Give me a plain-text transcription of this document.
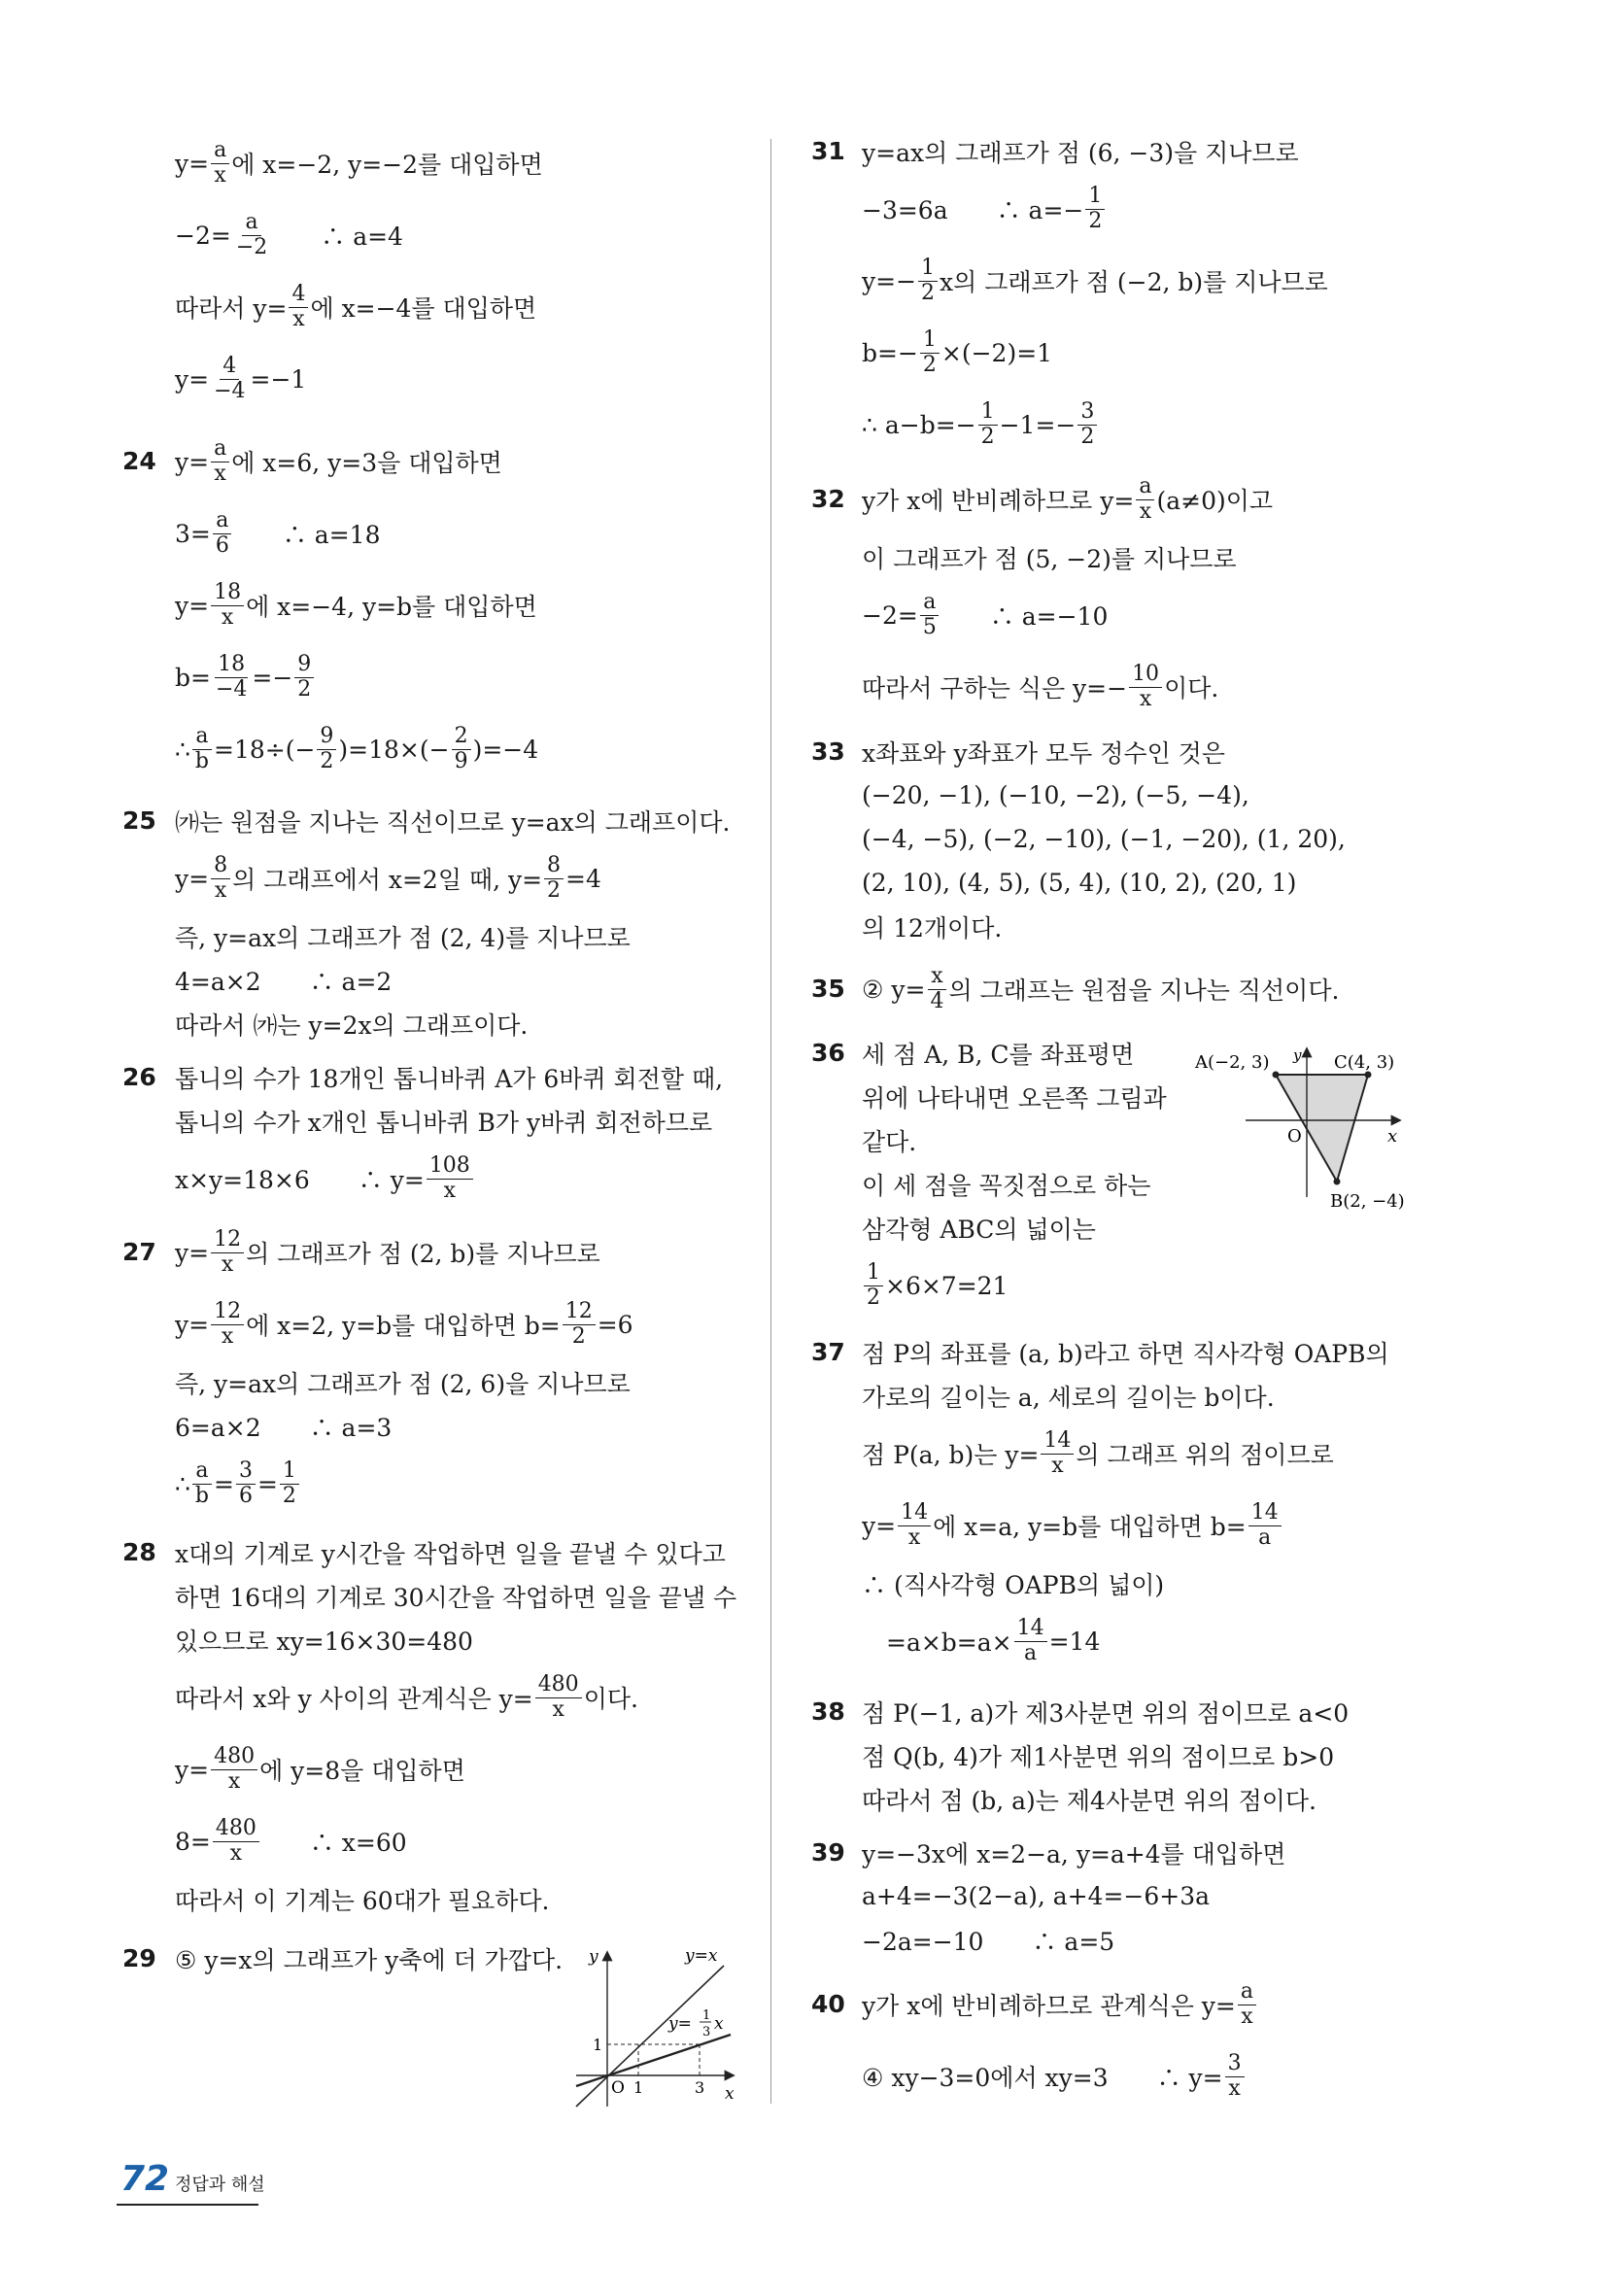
$y= \frac{a}{x}$ 에 x=−2, y=−2를 대입하면
$-2= \frac{a}{-2}$ 　　∴ a=4
따라서 $y= \frac{4}{x}$ 에 x=−4를 대입하면
$y= \frac{4}{-4} =-1$
24 $y= \frac{a}{x}$ 에 x=6, y=3을 대입하면
$3= \frac{a}{6}$ 　　∴ a=18
$y= \frac{18}{x}$ 에 x=−4, y=b를 대입하면
$b= \frac{18}{-4} =- \frac{9}{2}$
∴ $\frac{a}{b} =18\div(- \frac{9}{2} )=18\times(- \frac{2}{9} )=-4$
25 ㈎는 원점을 지나는 직선이므로 y=ax의 그래프이다.
$y= \frac{8}{x}$ 의 그래프에서 x=2일 때, $y= \frac{8}{2} =4$
즉, y=ax의 그래프가 점 (2, 4)를 지나므로
4=a×2　　∴ a=2
따라서 ㈎는 y=2x의 그래프이다.
26 톱니의 수가 18개인 톱니바퀴 A가 6바퀴 회전할 때,
톱니의 수가 x개인 톱니바퀴 B가 y바퀴 회전하므로
x×y=18×6　　∴ $y= \frac{108}{x}$
27 $y= \frac{12}{x}$ 의 그래프가 점 (2, b)를 지나므로
$y= \frac{12}{x}$ 에 x=2, y=b를 대입하면 $b= \frac{12}{2} =6$
즉, y=ax의 그래프가 점 (2, 6)을 지나므로
6=a×2　　∴ a=3
∴ $\frac{a}{b} = \frac{3}{6} = \frac{1}{2}$
28 x대의 기계로 y시간을 작업하면 일을 끝낼 수 있다고
하면 16대의 기계로 30시간을 작업하면 일을 끝낼 수
있으므로 xy=16×30=480
따라서 x와 y 사이의 관계식은 $y= \frac{480}{x}$ 이다.
$y= \frac{480}{x}$ 에 y=8을 대입하면
$8= \frac{480}{x}$ 　　∴ x=60
따라서 이 기계는 60대가 필요하다.
29 ⑤ y=x의 그래프가 y축에 더 가깝다.
31 y=ax의 그래프가 점 (6, −3)을 지나므로
−3=6a　　∴ $a=- \frac{1}{2}$
$y=- \frac{1}{2}$ x의 그래프가 점 (−2, b)를 지나므로
$b=- \frac{1}{2} \times(-2)=1$
∴ $a-b=- \frac{1}{2} -1=- \frac{3}{2}$
32 y가 x에 반비례하므로 $y= \frac{a}{x} (a\ne 0)$이고
이 그래프가 점 (5, −2)를 지나므로
$-2= \frac{a}{5}$ 　　∴ a=−10
따라서 구하는 식은 $y=- \frac{10}{x}$ 이다.
33 x좌표와 y좌표가 모두 정수인 것은
(−20, −1), (−10, −2), (−5, −4),
(−4, −5), (−2, −10), (−1, −20), (1, 20),
(2, 10), (4, 5), (5, 4), (10, 2), (20, 1)
의 12개이다.
35 ② $y= \frac{x}{4}$ 의 그래프는 원점을 지나는 직선이다.
36 세 점 A, B, C를 좌표평면
위에 나타내면 오른쪽 그림과
같다.
이 세 점을 꼭짓점으로 하는
삼각형 ABC의 넓이는
$\frac{1}{2} \times 6\times 7=21$
37 점 P의 좌표를 (a, b)라고 하면 직사각형 OAPB의
가로의 길이는 a, 세로의 길이는 b이다.
점 P(a, b)는 $y= \frac{14}{x}$ 의 그래프 위의 점이므로
$y= \frac{14}{x}$ 에 x=a, y=b를 대입하면 $b= \frac{14}{a}$
∴ (직사각형 OAPB의 넓이)
　$=a\times b=a\times \frac{14}{a} =14$
38 점 P(−1, a)가 제3사분면 위의 점이므로 a<0
점 Q(b, 4)가 제1사분면 위의 점이므로 b>0
따라서 점 (b, a)는 제4사분면 위의 점이다.
39 y=−3x에 x=2−a, y=a+4를 대입하면
a+4=−3(2−a), a+4=−6+3a
−2a=−10　　∴ a=5
40 y가 x에 반비례하므로 관계식은 $y= \frac{a}{x}$
④ xy−3=0에서 xy=3　　∴ $y= \frac{3}{x}$
y
x
O 1	3
1
y=x
y= 1
3 x
A(−2, 3) y C(4, 3)
O	x
B(2, −4)
72 정답과 해설
